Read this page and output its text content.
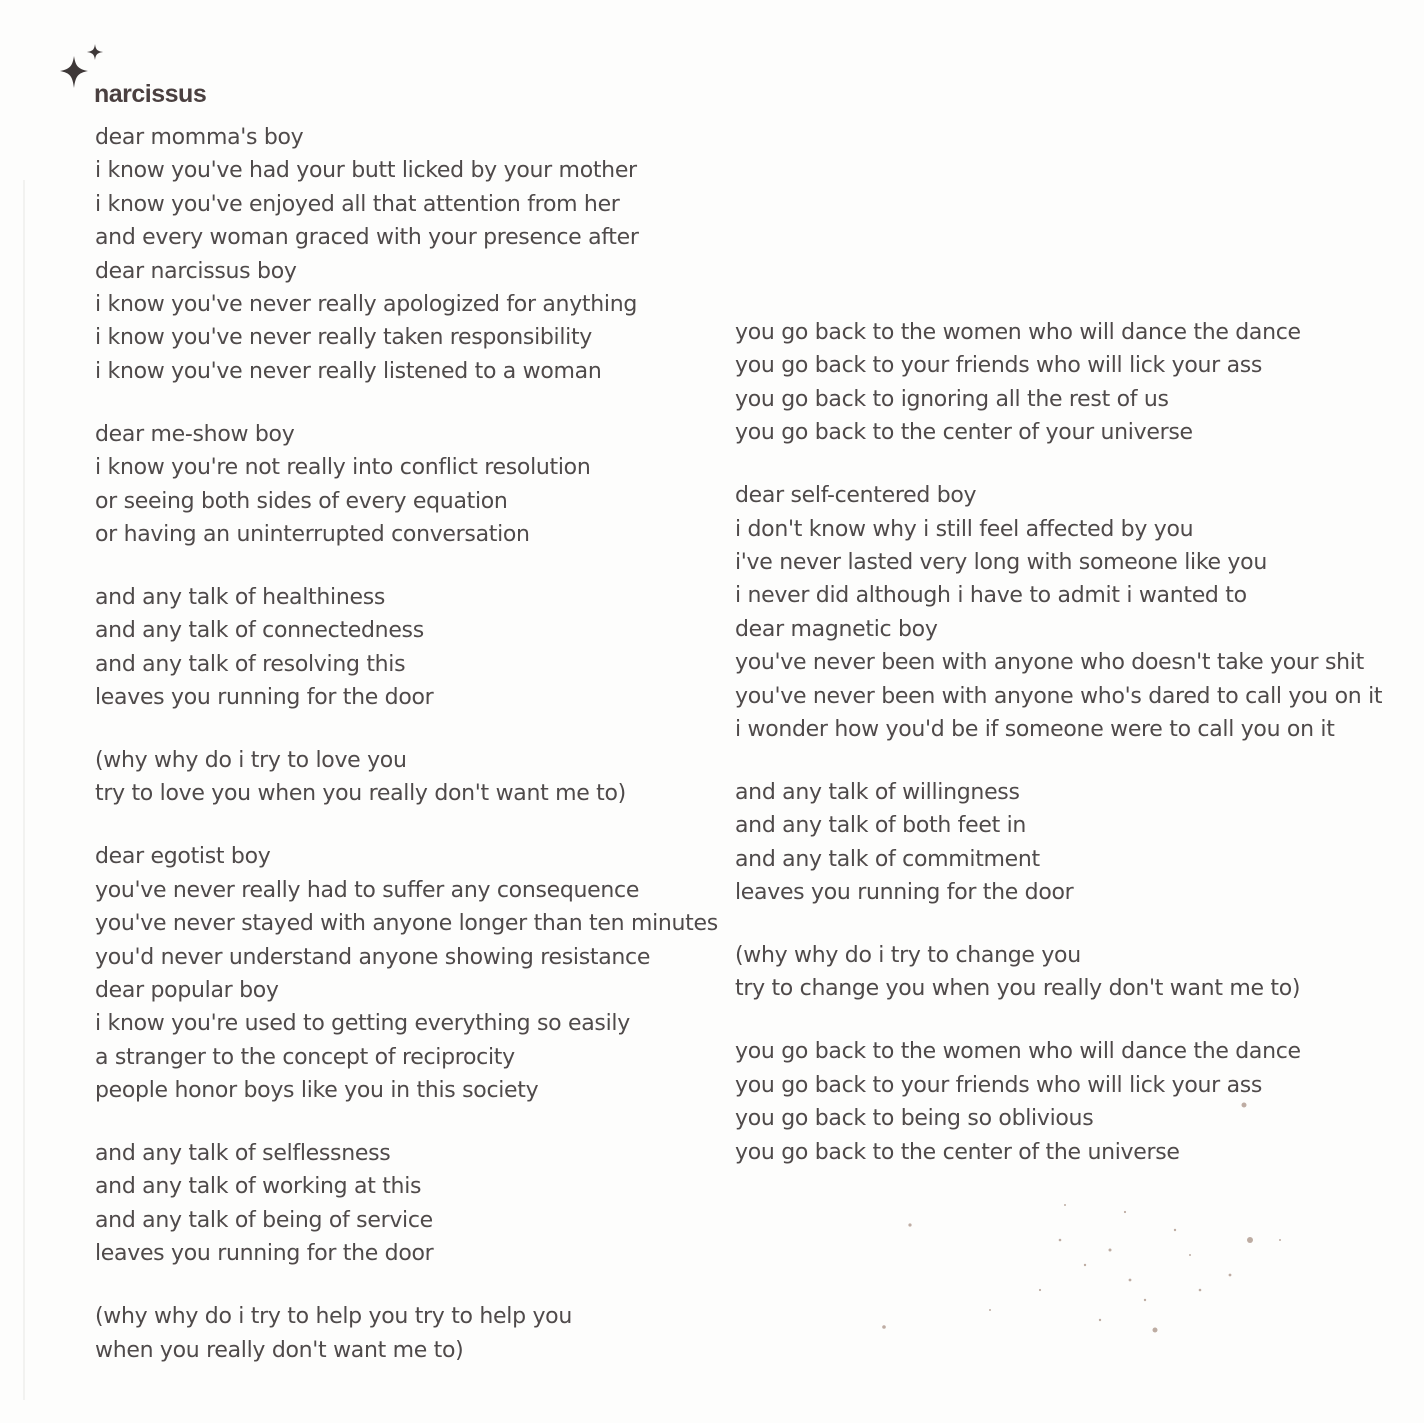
narcissus
dear momma's boy
i know you've had your butt licked by your mother
i know you've enjoyed all that attention from her
and every woman graced with your presence after
dear narcissus boy
i know you've never really apologized for anything
i know you've never really taken responsibility
i know you've never really listened to a woman
dear me-show boy
i know you're not really into conflict resolution
or seeing both sides of every equation
or having an uninterrupted conversation
and any talk of healthiness
and any talk of connectedness
and any talk of resolving this
leaves you running for the door
(why why do i try to love you
try to love you when you really don't want me to)
dear egotist boy
you've never really had to suffer any consequence
you've never stayed with anyone longer than ten minutes
you'd never understand anyone showing resistance
dear popular boy
i know you're used to getting everything so easily
a stranger to the concept of reciprocity
people honor boys like you in this society
and any talk of selflessness
and any talk of working at this
and any talk of being of service
leaves you running for the door
(why why do i try to help you try to help you
when you really don't want me to)
you go back to the women who will dance the dance
you go back to your friends who will lick your ass
you go back to ignoring all the rest of us
you go back to the center of your universe
dear self-centered boy
i don't know why i still feel affected by you
i've never lasted very long with someone like you
i never did although i have to admit i wanted to
dear magnetic boy
you've never been with anyone who doesn't take your shit
you've never been with anyone who's dared to call you on it
i wonder how you'd be if someone were to call you on it
and any talk of willingness
and any talk of both feet in
and any talk of commitment
leaves you running for the door
(why why do i try to change you
try to change you when you really don't want me to)
you go back to the women who will dance the dance
you go back to your friends who will lick your ass
you go back to being so oblivious
you go back to the center of the universe
